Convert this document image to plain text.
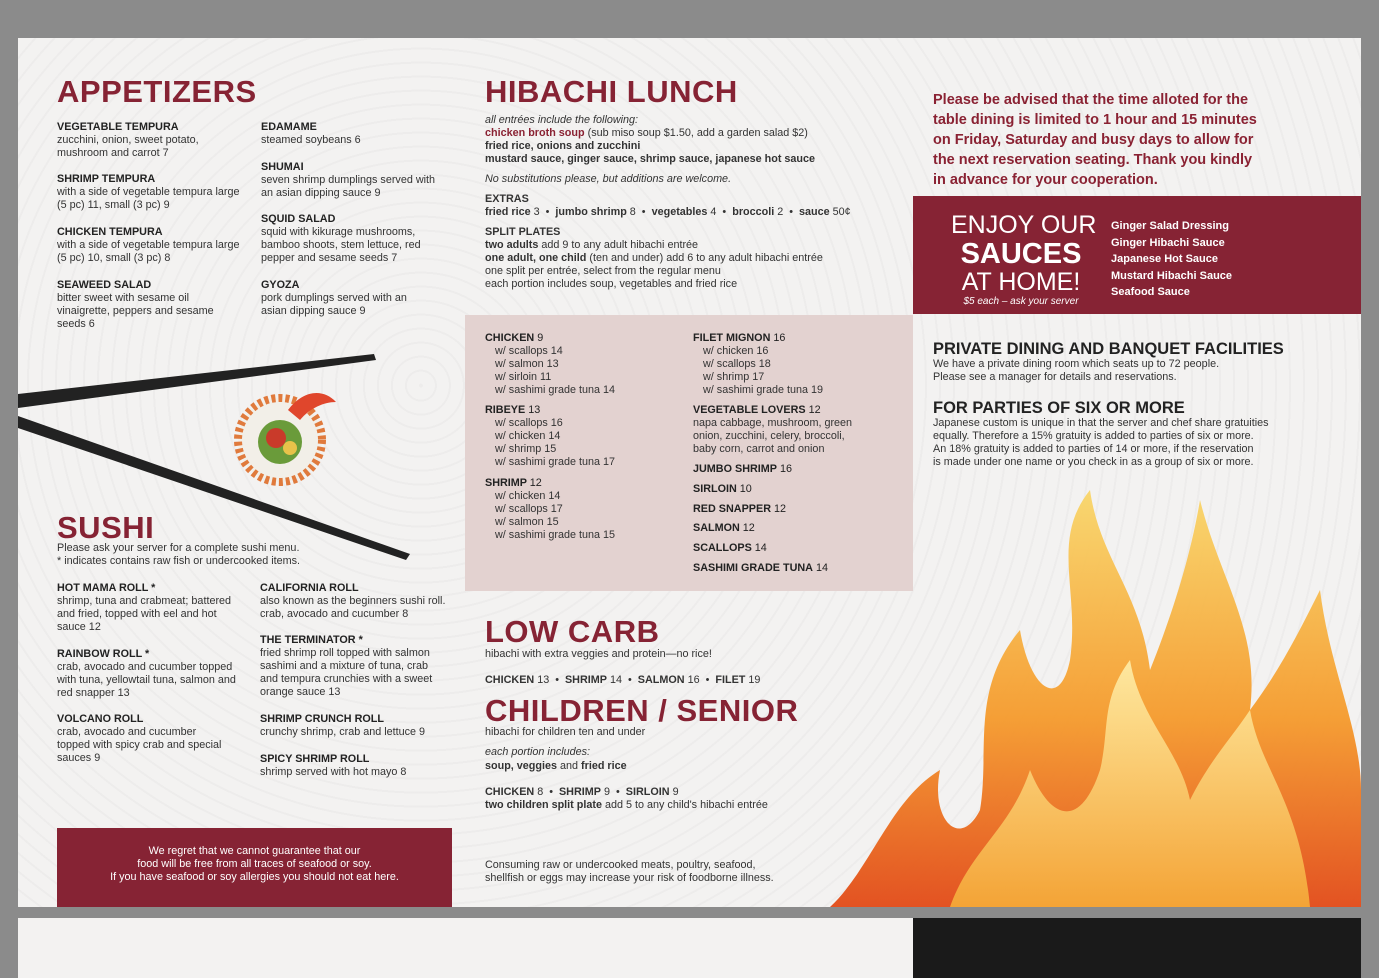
APPETIZERS
VEGETABLE TEMPURA
zucchini, onion, sweet potato, mushroom and carrot 7
SHRIMP TEMPURA
with a side of vegetable tempura large (5 pc) 11, small (3 pc) 9
CHICKEN TEMPURA
with a side of vegetable tempura large (5 pc) 10, small (3 pc) 8
SEAWEED SALAD
bitter sweet with sesame oil vinaigrette, peppers and sesame seeds 6
EDAMAME
steamed soybeans 6
SHUMAI
seven shrimp dumplings served with an asian dipping sauce 9
SQUID SALAD
squid with kikurage mushrooms, bamboo shoots, stem lettuce, red pepper and sesame seeds 7
GYOZA
pork dumplings served with an asian dipping sauce 9
SUSHI
Please ask your server for a complete sushi menu.
* indicates contains raw fish or undercooked items.
HOT MAMA ROLL *
shrimp, tuna and crabmeat; battered and fried, topped with eel and hot sauce 12
RAINBOW ROLL *
crab, avocado and cucumber topped with tuna, yellowtail tuna, salmon and red snapper 13
VOLCANO ROLL
crab, avocado and cucumber topped with spicy crab and special sauces 9
CALIFORNIA ROLL
also known as the beginners sushi roll. crab, avocado and cucumber 8
THE TERMINATOR *
fried shrimp roll topped with salmon sashimi and a mixture of tuna, crab and tempura crunchies with a sweet orange sauce 13
SHRIMP CRUNCH ROLL
crunchy shrimp, crab and lettuce 9
SPICY SHRIMP ROLL
shrimp served with hot mayo 8
We regret that we cannot guarantee that our
food will be free from all traces of seafood or soy.
If you have seafood or soy allergies you should not eat here.
HIBACHI LUNCH
all entrées include the following:
chicken broth soup (sub miso soup $1.50, add a garden salad $2)
fried rice, onions and zucchini
mustard sauce, ginger sauce, shrimp sauce, japanese hot sauce
No substitutions please, but additions are welcome.
EXTRAS
fried rice 3  •  jumbo shrimp 8  •  vegetables 4  •  broccoli 2  •  sauce 50¢
SPLIT PLATES
two adults add 9 to any adult hibachi entrée
one adult, one child (ten and under) add 6 to any adult hibachi entrée
one split per entrée, select from the regular menu
each portion includes soup, vegetables and fried rice
CHICKEN 9
w/ scallops 14
w/ salmon 13
w/ sirloin 11
w/ sashimi grade tuna 14
RIBEYE 13
w/ scallops 16
w/ chicken 14
w/ shrimp 15
w/ sashimi grade tuna 17
SHRIMP 12
w/ chicken 14
w/ scallops 17
w/ salmon 15
w/ sashimi grade tuna 15
FILET MIGNON 16
w/ chicken 16
w/ scallops 18
w/ shrimp 17
w/ sashimi grade tuna 19
VEGETABLE LOVERS 12
napa cabbage, mushroom, green
onion, zucchini, celery, broccoli,
baby corn, carrot and onion
JUMBO SHRIMP 16
SIRLOIN 10
RED SNAPPER 12
SALMON 12
SCALLOPS 14
SASHIMI GRADE TUNA 14
LOW CARB
hibachi with extra veggies and protein—no rice!
CHICKEN 13  •  SHRIMP 14  •  SALMON 16  •  FILET 19
CHILDREN / SENIOR
hibachi for children ten and under
each portion includes:
soup, veggies and fried rice
CHICKEN 8  •  SHRIMP 9  •  SIRLOIN 9
two children split plate add 5 to any child's hibachi entrée
Consuming raw or undercooked meats, poultry, seafood,
shellfish or eggs may increase your risk of foodborne illness.
Please be advised that the time alloted for the
table dining is limited to 1 hour and 15 minutes
on Friday, Saturday and busy days to allow for
the next reservation seating. Thank you kindly
in advance for your cooperation.
ENJOY OUR
SAUCES
AT HOME!
$5 each – ask your server
Ginger Salad Dressing
Ginger Hibachi Sauce
Japanese Hot Sauce
Mustard Hibachi Sauce
Seafood Sauce
PRIVATE DINING AND BANQUET FACILITIES
We have a private dining room which seats up to 72 people.
Please see a manager for details and reservations.
FOR PARTIES OF SIX OR MORE
Japanese custom is unique in that the server and chef share gratuities
equally. Therefore a 15% gratuity is added to parties of six or more.
An 18% gratuity is added to parties of 14 or more, if the reservation
is made under one name or you check in as a group of six or more.
